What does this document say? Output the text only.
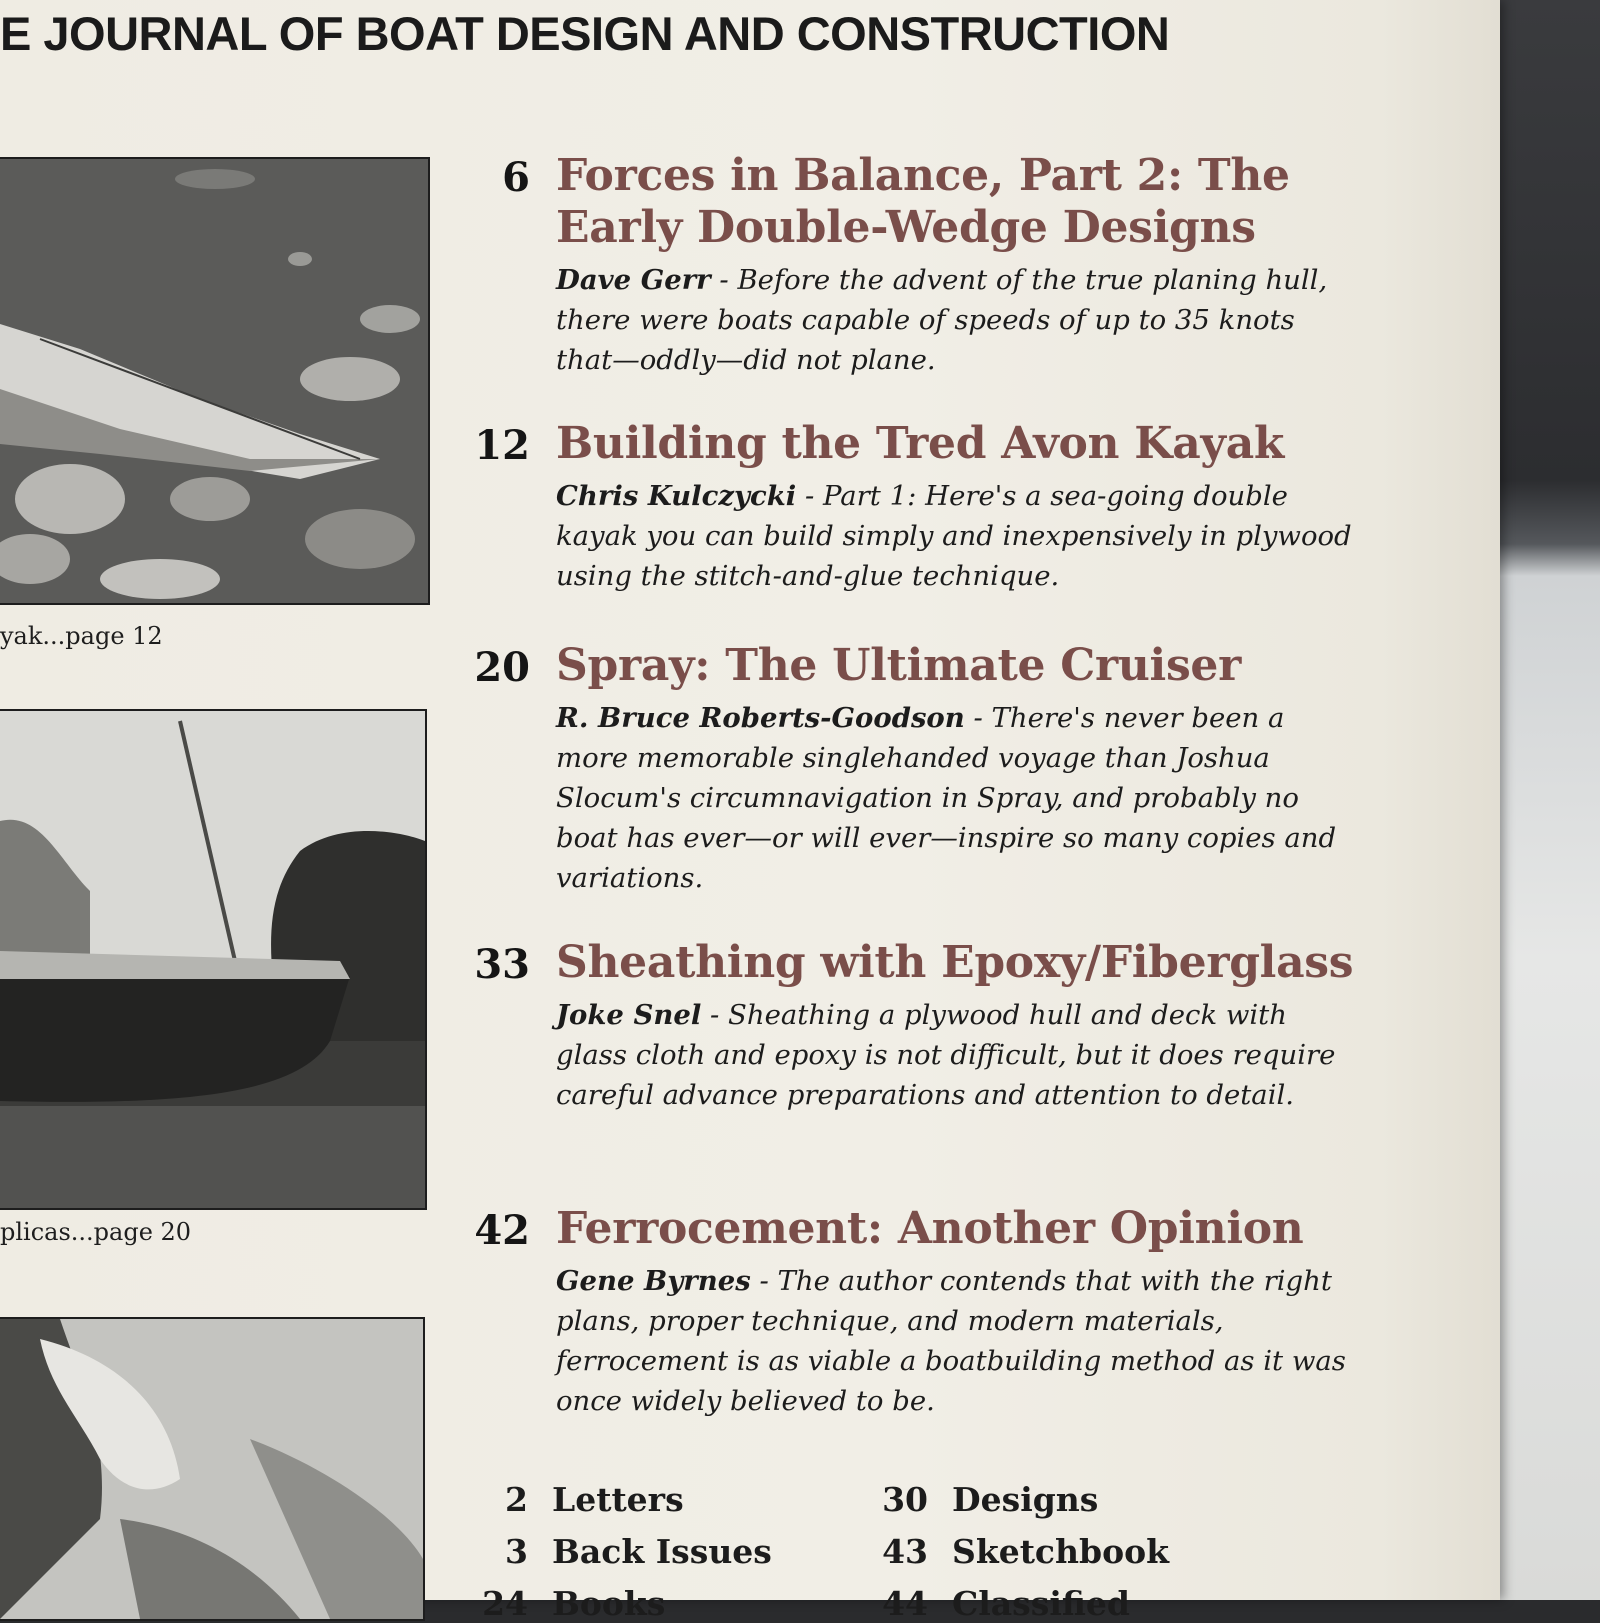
E JOURNAL OF BOAT DESIGN AND CONSTRUCTION

yak...page 12

plicas...page 20

6 Forces in Balance, Part 2: The Early Double-Wedge Designs

Dave Gerr - Before the advent of the true planing hull, there were boats capable of speeds of up to 35 knots that—oddly—did not plane.

12 Building the Tred Avon Kayak

Chris Kulczycki - Part 1: Here's a sea-going double kayak you can build simply and inexpensively in plywood using the stitch-and-glue technique.

20 Spray: The Ultimate Cruiser

R. Bruce Roberts-Goodson - There's never been a more memorable singlehanded voyage than Joshua Slocum's circumnavigation in Spray, and probably no boat has ever—or will ever—inspire so many copies and variations.

33 Sheathing with Epoxy/Fiberglass

Joke Snel - Sheathing a plywood hull and deck with glass cloth and epoxy is not difficult, but it does require careful advance preparations and attention to detail.

42 Ferrocement: Another Opinion

Gene Byrnes - The author contends that with the right plans, proper technique, and modern materials, ferrocement is as viable a boatbuilding method as it was once widely believed to be.

2 Letters
3 Back Issues
24 Books
30 Designs
43 Sketchbook
44 Classified
